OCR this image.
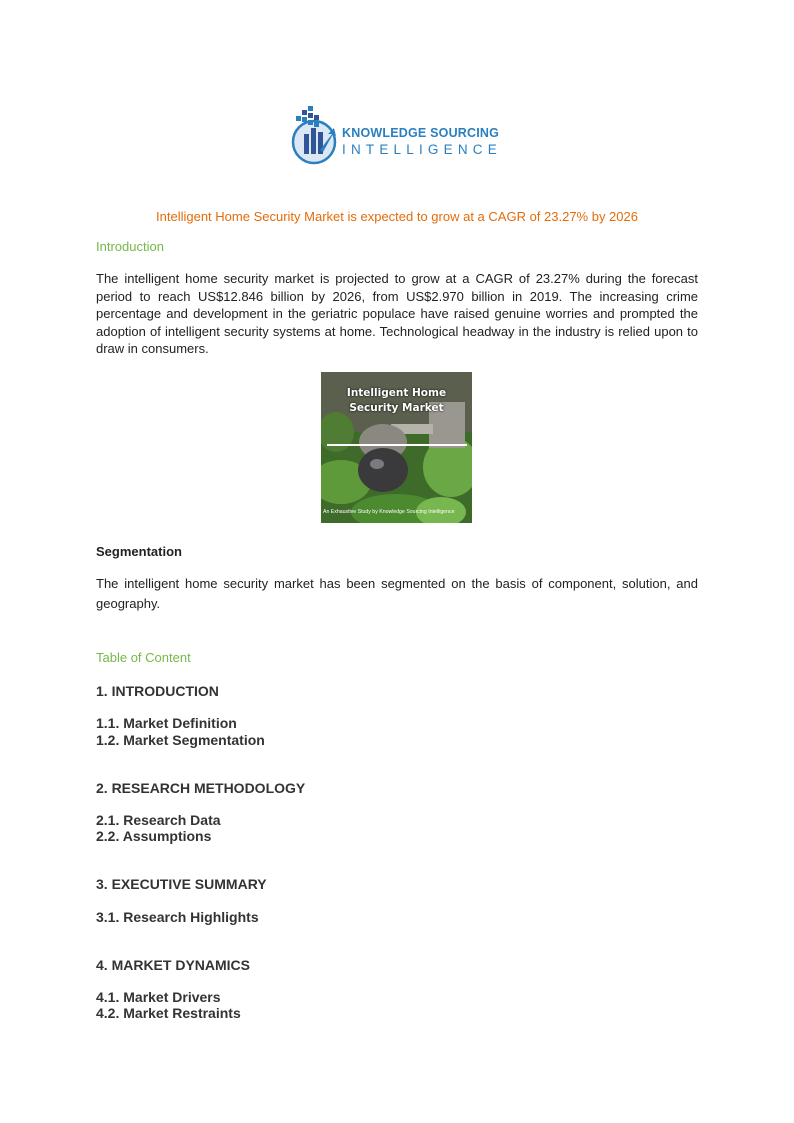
KNOWLEDGE SOURCING
INTELLIGENCE
Intelligent Home Security Market is expected to grow at a CAGR of 23.27% by 2026
Introduction
The intelligent home security market is projected to grow at a CAGR of 23.27% during the forecast period to reach US$12.846 billion by 2026, from US$2.970 billion in 2019. The increasing crime percentage and development in the geriatric populace have raised genuine worries and prompted the adoption of intelligent security systems at home. Technological headway in the industry is relied upon to draw in consumers.
Intelligent Home Security Market
An Exhaustive Study by Knowledge Sourcing Intelligence
Segmentation
The intelligent home security market has been segmented on the basis of component, solution, and geography.
Table of Content
1. INTRODUCTION
1.1. Market Definition
1.2. Market Segmentation
2. RESEARCH METHODOLOGY
2.1. Research Data
2.2. Assumptions
3. EXECUTIVE SUMMARY
3.1. Research Highlights
4. MARKET DYNAMICS
4.1. Market Drivers
4.2. Market Restraints
